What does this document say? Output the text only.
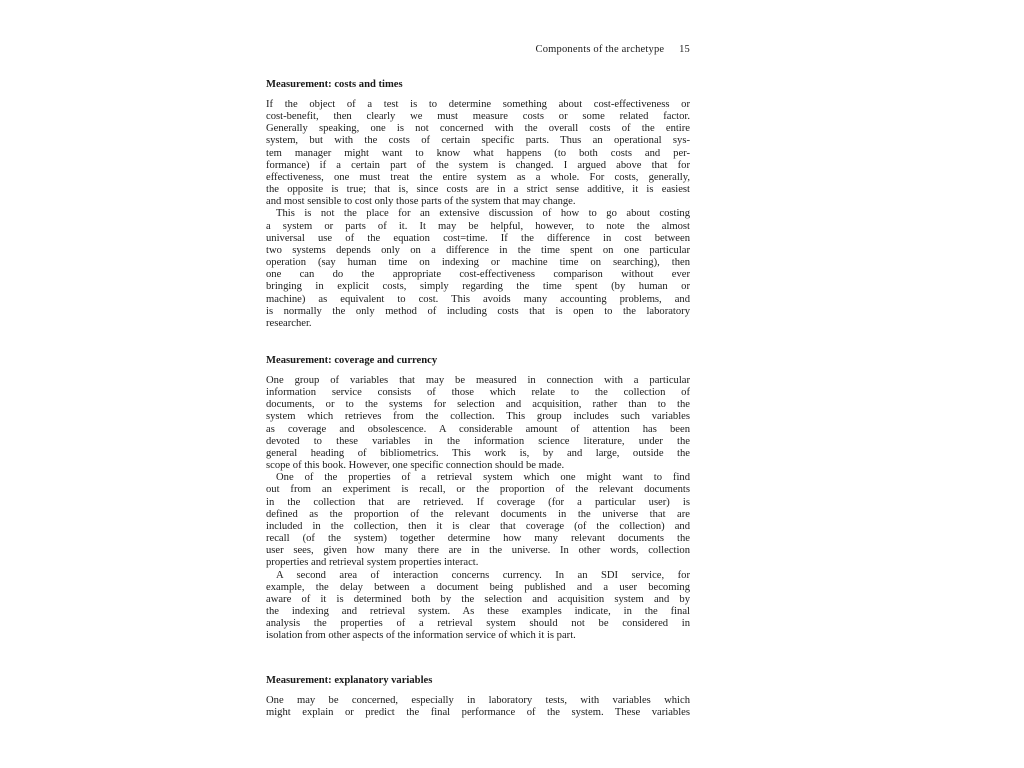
Components of the archetype 15
Measurement: costs and times
If the object of a test is to determine something about cost-effectiveness or
cost-benefit, then clearly we must measure costs or some related factor.
Generally speaking, one is not concerned with the overall costs of the entire
system, but with the costs of certain specific parts. Thus an operational sys-
tem manager might want to know what happens (to both costs and per-
formance) if a certain part of the system is changed. I argued above that for
effectiveness, one must treat the entire system as a whole. For costs, generally,
the opposite is true; that is, since costs are in a strict sense additive, it is easiest
and most sensible to cost only those parts of the system that may change.
This is not the place for an extensive discussion of how to go about costing
a system or parts of it. It may be helpful, however, to note the almost
universal use of the equation cost=time. If the difference in cost between
two systems depends only on a difference in the time spent on one particular
operation (say human time on indexing or machine time on searching), then
one can do the appropriate cost-effectiveness comparison without ever
bringing in explicit costs, simply regarding the time spent (by human or
machine) as equivalent to cost. This avoids many accounting problems, and
is normally the only method of including costs that is open to the laboratory
researcher.
Measurement: coverage and currency
One group of variables that may be measured in connection with a particular
information service consists of those which relate to the collection of
documents, or to the systems for selection and acquisition, rather than to the
system which retrieves from the collection. This group includes such variables
as coverage and obsolescence. A considerable amount of attention has been
devoted to these variables in the information science literature, under the
general heading of bibliometrics. This work is, by and large, outside the
scope of this book. However, one specific connection should be made.
One of the properties of a retrieval system which one might want to find
out from an experiment is recall, or the proportion of the relevant documents
in the collection that are retrieved. If coverage (for a particular user) is
defined as the proportion of the relevant documents in the universe that are
included in the collection, then it is clear that coverage (of the collection) and
recall (of the system) together determine how many relevant documents the
user sees, given how many there are in the universe. In other words, collection
properties and retrieval system properties interact.
A second area of interaction concerns currency. In an SDI service, for
example, the delay between a document being published and a user becoming
aware of it is determined both by the selection and acquisition system and by
the indexing and retrieval system. As these examples indicate, in the final
analysis the properties of a retrieval system should not be considered in
isolation from other aspects of the information service of which it is part.
Measurement: explanatory variables
One may be concerned, especially in laboratory tests, with variables which
might explain or predict the final performance of the system. These variables
